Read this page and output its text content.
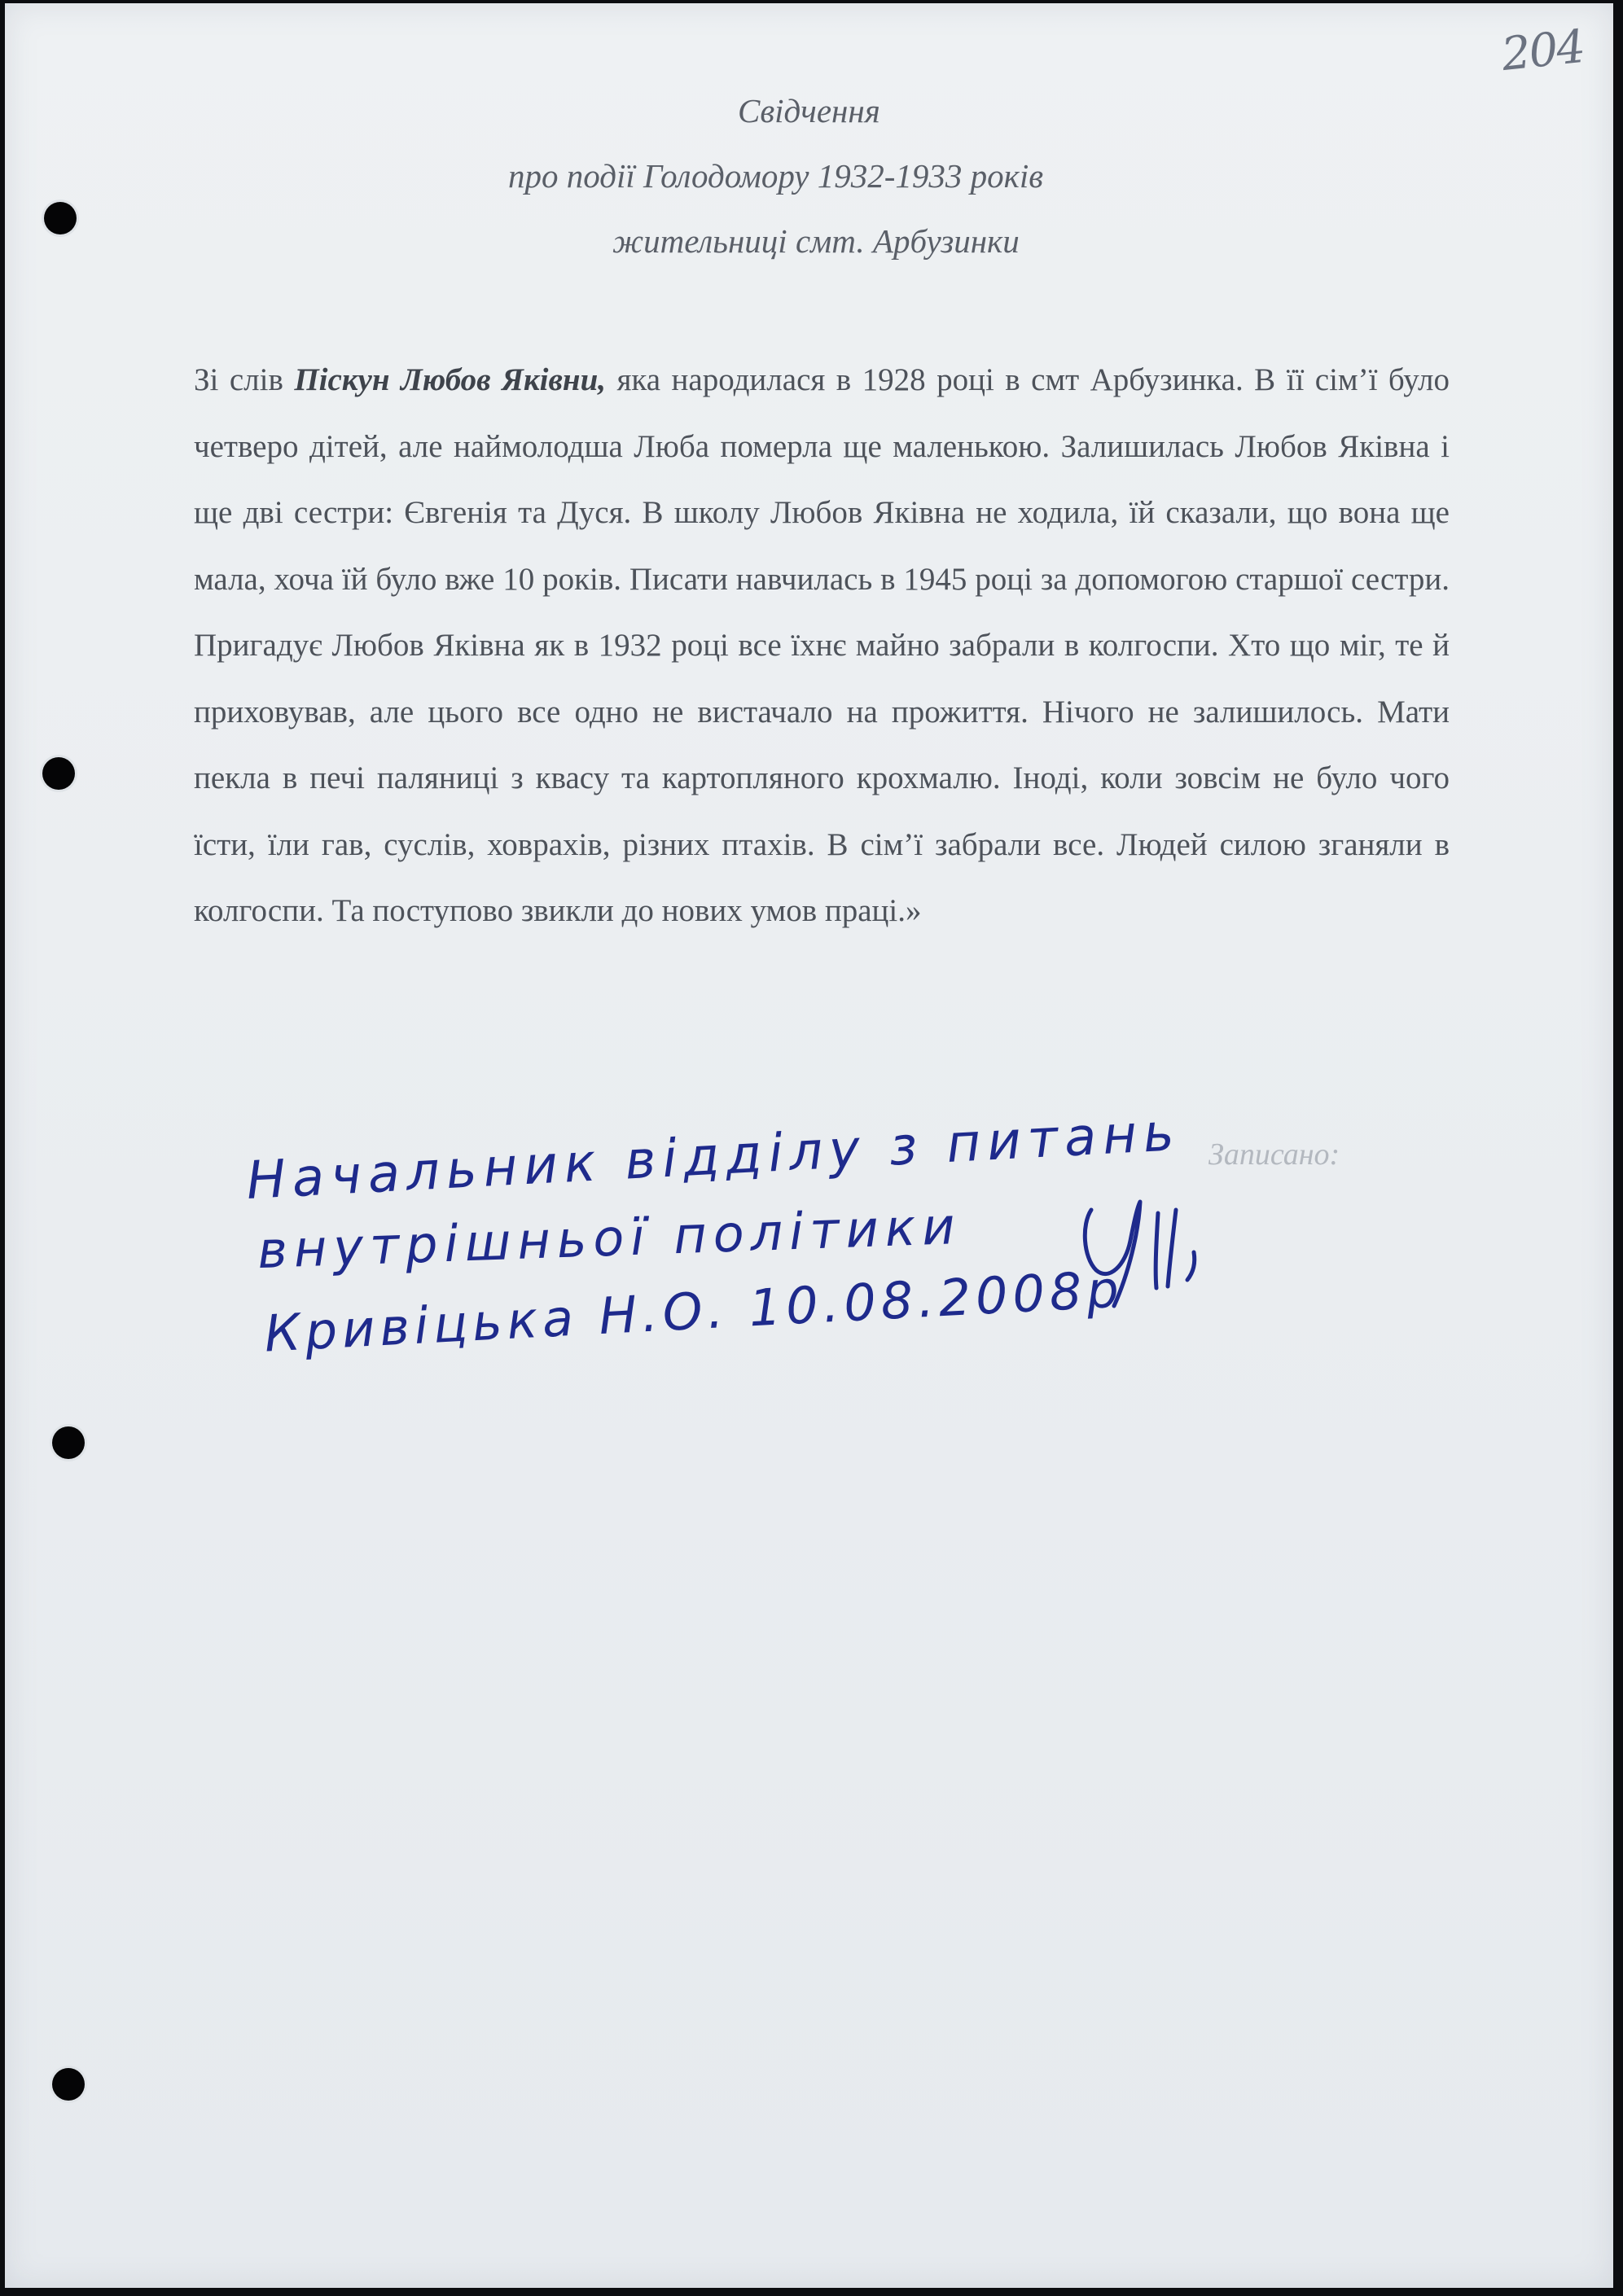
204
Свідчення
про події Голодомору 1932-1933 років
жительниці смт. Арбузинки
Зі слів Піскун Любов Яківни, яка народилася в 1928 році в смт Арбузинка. В її сім’ї було четверо дітей, але наймолодша Люба померла ще маленькою. Залишилась Любов Яківна і ще дві сестри: Євгенія та Дуся. В школу Любов Яківна не ходила, їй сказали, що вона ще мала, хоча їй було вже 10 років. Писати навчилась в 1945 році за допомогою старшої сестри. Пригадує Любов Яківна як в 1932 році все їхнє майно забрали в колгоспи. Хто що міг, те й приховував, але цього все одно не вистачало на прожиття. Нічого не залишилось. Мати пекла в печі паляниці з квасу та картопляного крохмалю. Іноді, коли зовсім не було чого їсти, їли гав, суслів, ховрахів, різних птахів. В сім’ї забрали все. Людей силою зганяли в колгоспи. Та поступово звикли до нових умов праці.»
Записано:
Начальник відділу з питань
внутрішньої політики
Кривіцька Н.О. 10.08.2008р
